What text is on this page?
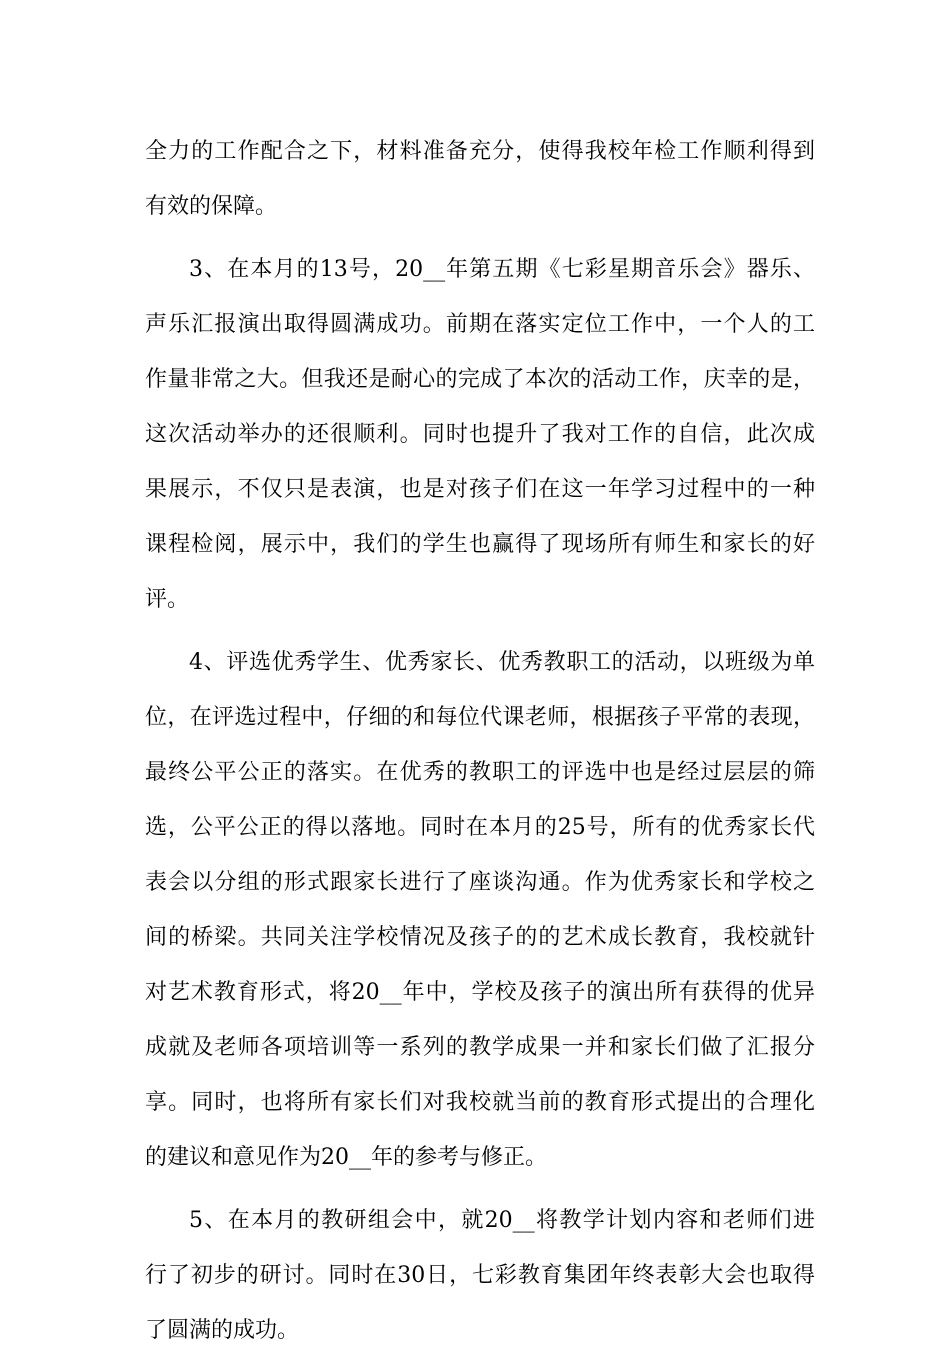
全力的工作配合之下，材料准备充分，使得我校年检工作顺利得到
有效的保障。
3、在本月的13号，20__年第五期《七彩星期音乐会》器乐、
声乐汇报演出取得圆满成功。前期在落实定位工作中，一个人的工
作量非常之大。但我还是耐心的完成了本次的活动工作，庆幸的是，
这次活动举办的还很顺利。同时也提升了我对工作的自信，此次成
果展示，不仅只是表演，也是对孩子们在这一年学习过程中的一种
课程检阅，展示中，我们的学生也赢得了现场所有师生和家长的好
评。
4、评选优秀学生、优秀家长、优秀教职工的活动，以班级为单
位，在评选过程中，仔细的和每位代课老师，根据孩子平常的表现，
最终公平公正的落实。在优秀的教职工的评选中也是经过层层的筛
选，公平公正的得以落地。同时在本月的25号，所有的优秀家长代
表会以分组的形式跟家长进行了座谈沟通。作为优秀家长和学校之
间的桥梁。共同关注学校情况及孩子的的艺术成长教育，我校就针
对艺术教育形式，将20__年中，学校及孩子的演出所有获得的优异
成就及老师各项培训等一系列的教学成果一并和家长们做了汇报分
享。同时，也将所有家长们对我校就当前的教育形式提出的合理化
的建议和意见作为20__年的参考与修正。
5、在本月的教研组会中，就20__将教学计划内容和老师们进
行了初步的研讨。同时在30日，七彩教育集团年终表彰大会也取得
了圆满的成功。
